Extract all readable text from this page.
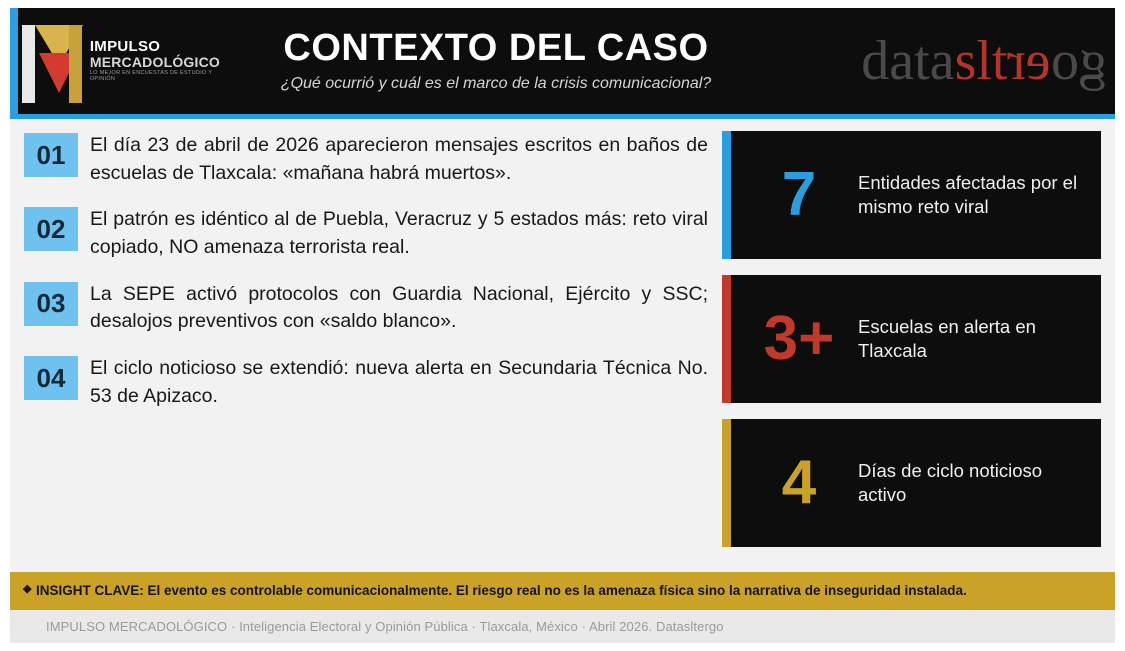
IMPULSO
MERCADOLÓGICO
LO MEJOR EN ENCUESTAS DE ESTUDIO Y OPINIÓN
CONTEXTO DEL CASO
¿Qué ocurrió y cuál es el marco de la crisis comunicacional?	datasltergo
01	El día 23 de abril de 2026 aparecieron mensajes escritos en baños de escuelas de Tlaxcala: «mañana habrá muertos».
02	El patrón es idéntico al de Puebla, Veracruz y 5 estados más: reto viral copiado, NO amenaza terrorista real.
03	La SEPE activó protocolos con Guardia Nacional, Ejército y SSC; desalojos preventivos con «saldo blanco».
04	El ciclo noticioso se extendió: nueva alerta en Secundaria Técnica No. 53 de Apizaco.
7	Entidades afectadas por el mismo reto viral
3+	Escuelas en alerta en Tlaxcala
4	Días de ciclo noticioso activo
◆ INSIGHT CLAVE: El evento es controlable comunicacionalmente. El riesgo real no es la amenaza física sino la narrativa de inseguridad instalada.
IMPULSO MERCADOLÓGICO · Inteligencia Electoral y Opinión Pública · Tlaxcala, México · Abril 2026. Datasltergo
